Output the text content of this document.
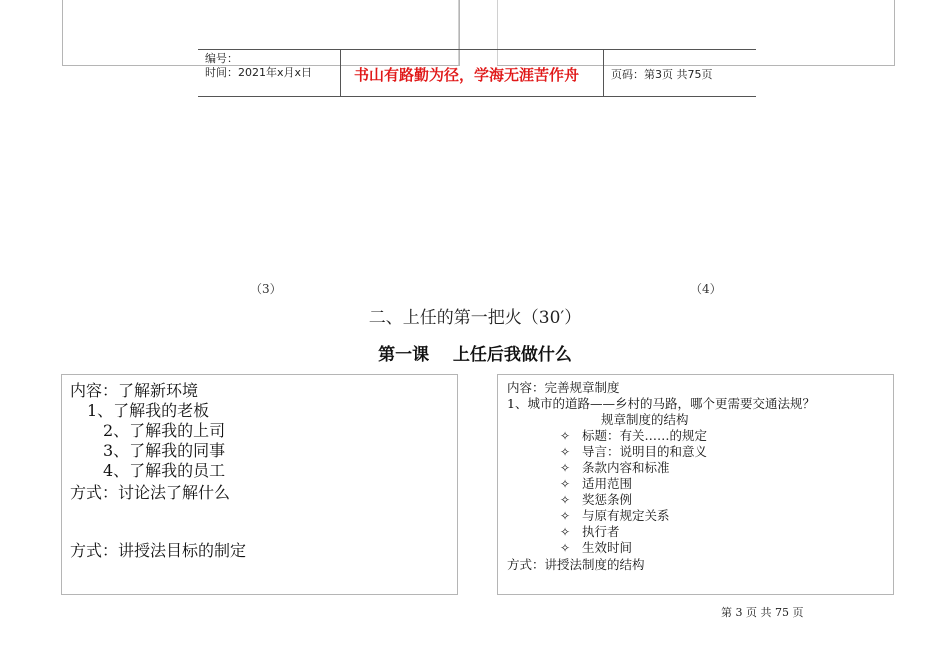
编号：
时间：2021年x月x日	书山有路勤为径，学海无涯苦作舟	页码：第3页 共75页
（3）	（4）
二、上任的第一把火（30′）
第一课    上任后我做什么
内容：了解新环境
1、了解我的老板
2、了解我的上司
3、了解我的同事
4、了解我的员工
方式：讨论法了解什么
方式：讲授法目标的制定
内容：完善规章制度
1、城市的道路——乡村的马路，哪个更需要交通法规？
规章制度的结构
✧ 标题：有关……的规定
✧ 导言：说明目的和意义
✧ 条款内容和标准
✧ 适用范围
✧ 奖惩条例
✧ 与原有规定关系
✧ 执行者
✧ 生效时间
方式：讲授法制度的结构
第 3 页 共 75 页
